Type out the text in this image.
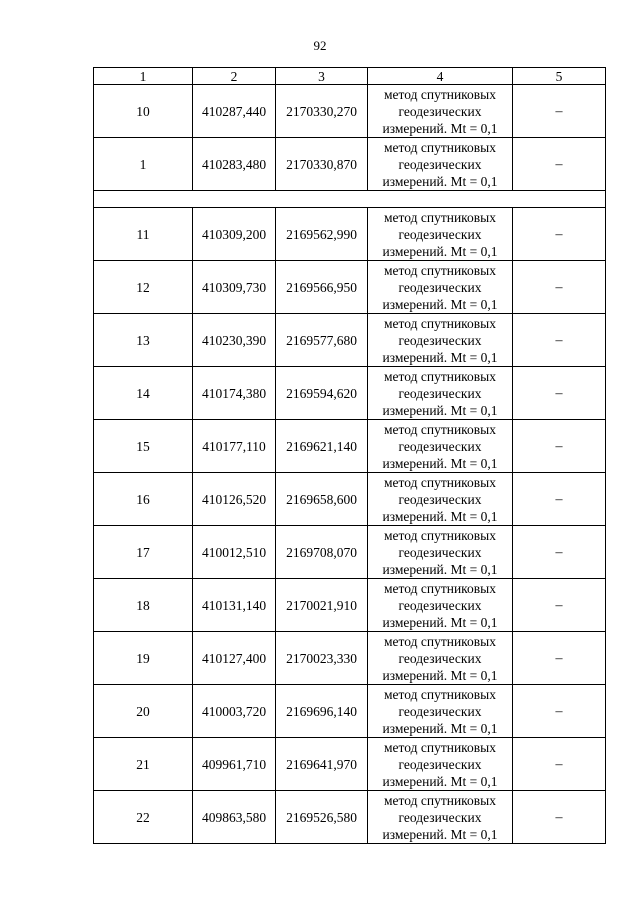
92
1	2	3	4	5
10	410287,440	2170330,270	метод спутниковых
геодезических
измерений. Mt = 0,1	–
1	410283,480	2170330,870	метод спутниковых
геодезических
измерений. Mt = 0,1	–

11	410309,200	2169562,990	метод спутниковых
геодезических
измерений. Mt = 0,1	–
12	410309,730	2169566,950	метод спутниковых
геодезических
измерений. Mt = 0,1	–
13	410230,390	2169577,680	метод спутниковых
геодезических
измерений. Mt = 0,1	–
14	410174,380	2169594,620	метод спутниковых
геодезических
измерений. Mt = 0,1	–
15	410177,110	2169621,140	метод спутниковых
геодезических
измерений. Mt = 0,1	–
16	410126,520	2169658,600	метод спутниковых
геодезических
измерений. Mt = 0,1	–
17	410012,510	2169708,070	метод спутниковых
геодезических
измерений. Mt = 0,1	–
18	410131,140	2170021,910	метод спутниковых
геодезических
измерений. Mt = 0,1	–
19	410127,400	2170023,330	метод спутниковых
геодезических
измерений. Mt = 0,1	–
20	410003,720	2169696,140	метод спутниковых
геодезических
измерений. Mt = 0,1	–
21	409961,710	2169641,970	метод спутниковых
геодезических
измерений. Mt = 0,1	–
22	409863,580	2169526,580	метод спутниковых
геодезических
измерений. Mt = 0,1	–
